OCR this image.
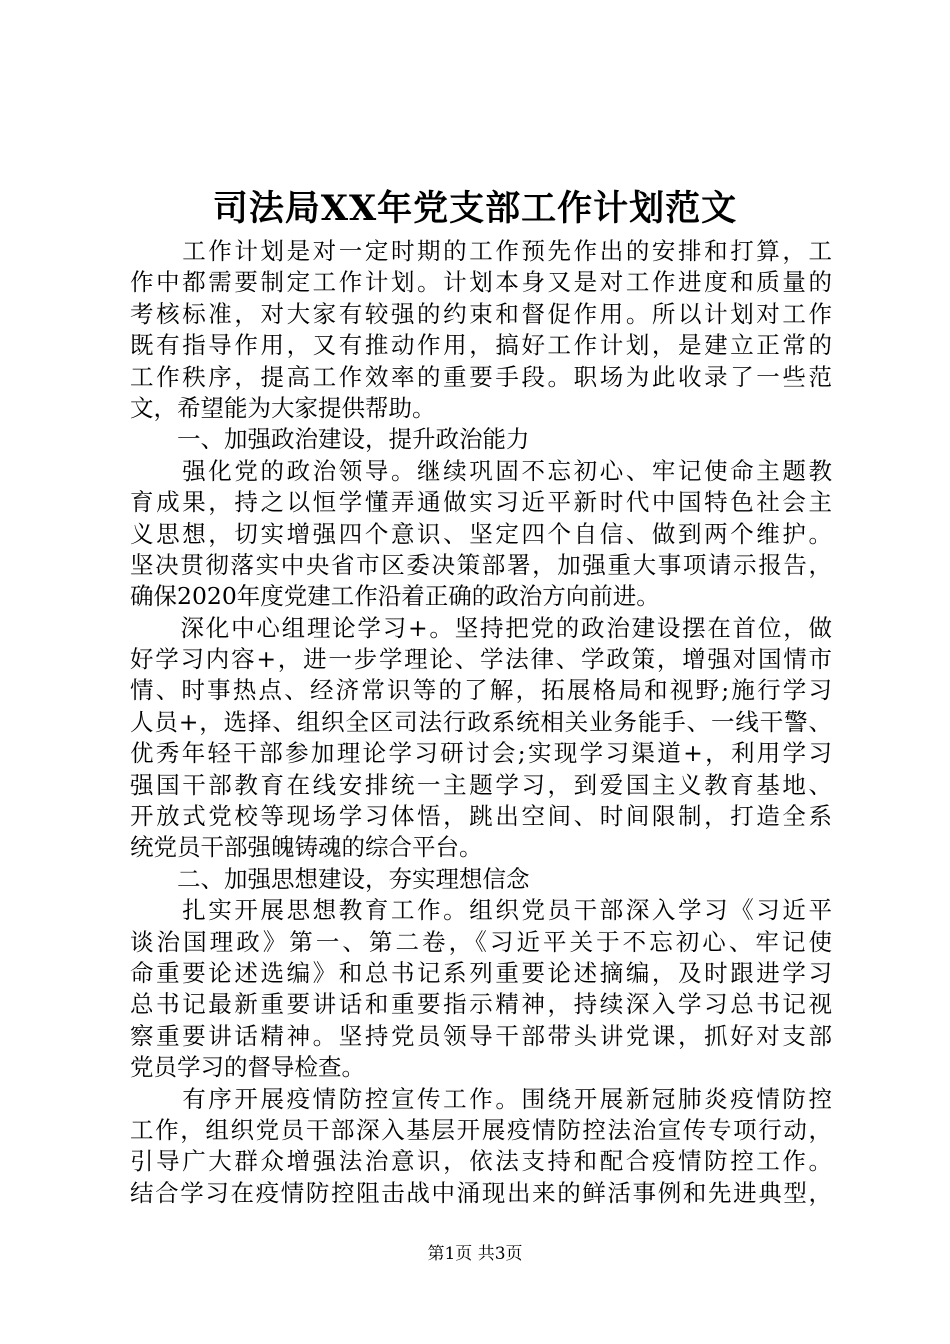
司法局XX年党支部工作计划范文
　　工作计划是对一定时期的工作预先作出的安排和打算，工
作中都需要制定工作计划。计划本身又是对工作进度和质量的
考核标准，对大家有较强的约束和督促作用。所以计划对工作
既有指导作用，又有推动作用，搞好工作计划，是建立正常的
工作秩序，提高工作效率的重要手段。职场为此收录了一些范
文，希望能为大家提供帮助。
　　一、加强政治建设，提升政治能力
　　强化党的政治领导。继续巩固不忘初心、牢记使命主题教
育成果，持之以恒学懂弄通做实习近平新时代中国特色社会主
义思想，切实增强四个意识、坚定四个自信、做到两个维护。
坚决贯彻落实中央省市区委决策部署，加强重大事项请示报告，
确保2020年度党建工作沿着正确的政治方向前进。
　　深化中心组理论学习+。坚持把党的政治建设摆在首位，做
好学习内容+，进一步学理论、学法律、学政策，增强对国情市
情、时事热点、经济常识等的了解，拓展格局和视野;施行学习
人员+，选择、组织全区司法行政系统相关业务能手、一线干警、
优秀年轻干部参加理论学习研讨会;实现学习渠道+，利用学习
强国干部教育在线安排统一主题学习，到爱国主义教育基地、
开放式党校等现场学习体悟，跳出空间、时间限制，打造全系
统党员干部强魄铸魂的综合平台。
　　二、加强思想建设，夯实理想信念
　　扎实开展思想教育工作。组织党员干部深入学习《习近平
谈治国理政》第一、第二卷，《习近平关于不忘初心、牢记使
命重要论述选编》和总书记系列重要论述摘编，及时跟进学习
总书记最新重要讲话和重要指示精神，持续深入学习总书记视
察重要讲话精神。坚持党员领导干部带头讲党课，抓好对支部
党员学习的督导检查。
　　有序开展疫情防控宣传工作。围绕开展新冠肺炎疫情防控
工作，组织党员干部深入基层开展疫情防控法治宣传专项行动，
引导广大群众增强法治意识，依法支持和配合疫情防控工作。
结合学习在疫情防控阻击战中涌现出来的鲜活事例和先进典型，
第1页 共3页
